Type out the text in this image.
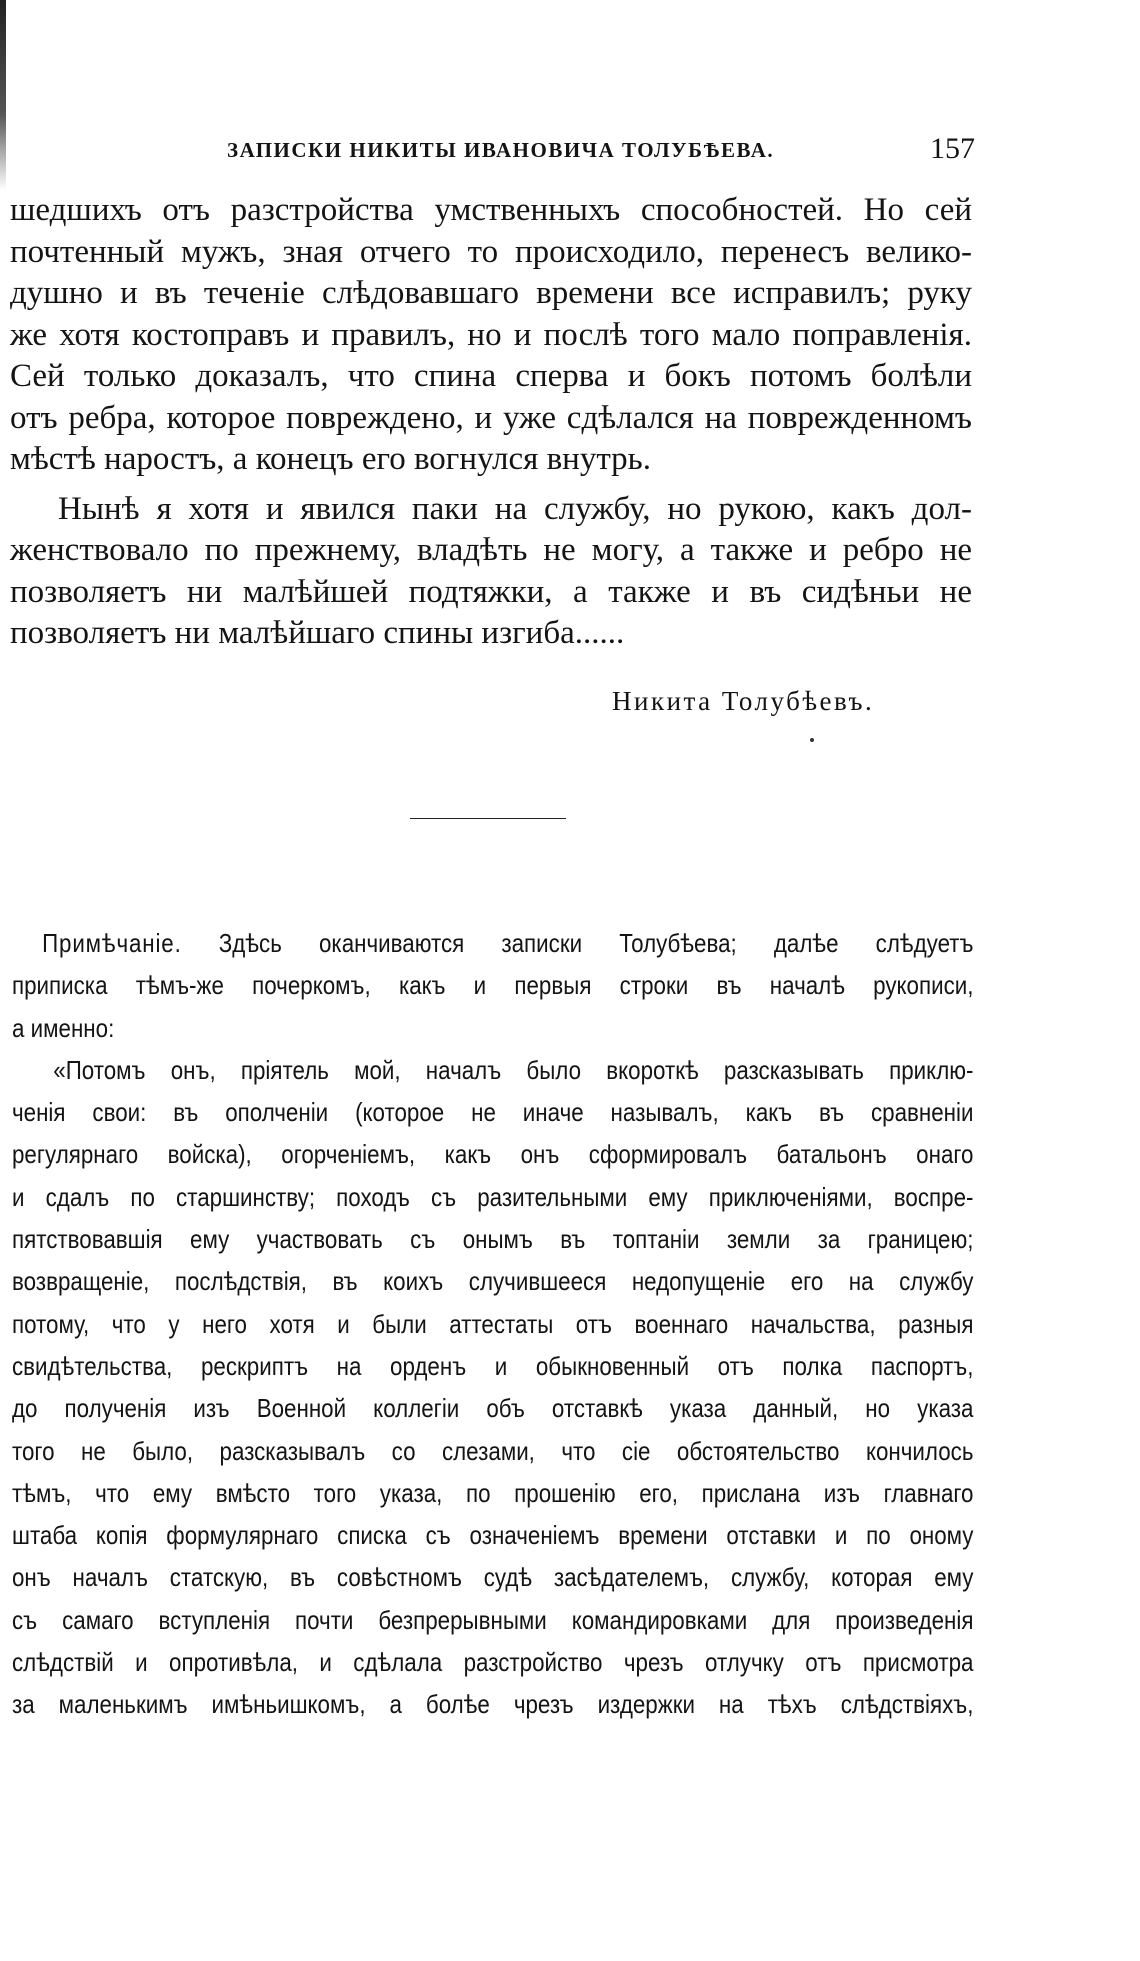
ЗАПИСКИ НИКИТЫ ИВАНОВИЧА ТОЛУБѢЕВА.	157
шедшихъ отъ разстройства умственныхъ способностей. Но сей
почтенный мужъ, зная отчего то происходило, перенесъ велико-
душно и въ теченіе слѣдовавшаго времени все исправилъ; руку
же хотя костоправъ и правилъ, но и послѣ того мало поправленія.
Сей только доказалъ, что спина сперва и бокъ потомъ болѣли
отъ ребра, которое повреждено, и уже сдѣлался на поврежденномъ
мѣстѣ наростъ, а конецъ его вогнулся внутрь.
Нынѣ я хотя и явился паки на службу, но рукою, какъ дол-
женствовало по прежнему, владѣть не могу, а также и ребро не
позволяетъ ни малѣйшей подтяжки, а также и въ сидѣньи не
позволяетъ ни малѣйшаго спины изгиба......
Никита Толубѣевъ.
Примѣчаніе. Здѣсь оканчиваются записки Толубѣева; далѣе слѣдуетъ
приписка тѣмъ-же почеркомъ, какъ и первыя строки въ началѣ рукописи,
а именно:
«Потомъ онъ, пріятель мой, началъ было вкороткѣ разсказывать приклю-
ченія свои: въ ополченіи (которое не иначе называлъ, какъ въ сравненіи
регулярнаго войска), огорченіемъ, какъ онъ сформировалъ батальонъ онаго
и сдалъ по старшинству; походъ съ разительными ему приключеніями, воспре-
пятствовавшія ему участвовать съ онымъ въ топтаніи земли за границею;
возвращеніе, послѣдствія, въ коихъ случившееся недопущеніе его на службу
потому, что у него хотя и были аттестаты отъ военнаго начальства, разныя
свидѣтельства, рескриптъ на орденъ и обыкновенный отъ полка паспортъ,
до полученія изъ Военной коллегіи объ отставкѣ указа данный, но указа
того не было, разсказывалъ со слезами, что сіе обстоятельство кончилось
тѣмъ, что ему вмѣсто того указа, по прошенію его, прислана изъ главнаго
штаба копія формулярнаго списка съ означеніемъ времени отставки и по оному
онъ началъ статскую, въ совѣстномъ судѣ засѣдателемъ, службу, которая ему
съ самаго вступленія почти безпрерывными командировками для произведенія
слѣдствій и опротивѣла, и сдѣлала разстройство чрезъ отлучку отъ присмотра
за маленькимъ имѣньишкомъ, а болѣе чрезъ издержки на тѣхъ слѣдствіяхъ,
